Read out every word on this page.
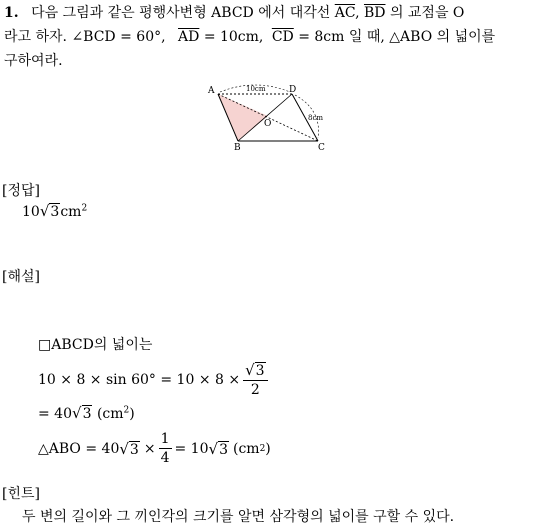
1. 다음 그림과 같은 평행사변형 ABCD 에서 대각선 $\overline{AC}$, $\overline{BD}$ 의 교점을 O
라고 하자. ∠BCD = 60°, $\overline{AD} = 10cm$, $\overline{CD} = 8cm$ 일 때, △ABO 의 넓이를
구하여라.
A	D
B	C
O
10cm
8cm
[정답]
$10√3cm^2$
[해설]
□ABCD의 넓이는
$10 \times 8 \times \sin 60^\circ = 10 \times 8 \times \frac{√3}{2}$
= 40√3 $(cm^2)$
△ABO = 40 $√3 \times \frac{1}{4} = 10$ √3 (cm 2 )
[힌트]
두 변의 길이와 그 끼인각의 크기를 알면 삼각형의 넓이를 구할 수 있다.
